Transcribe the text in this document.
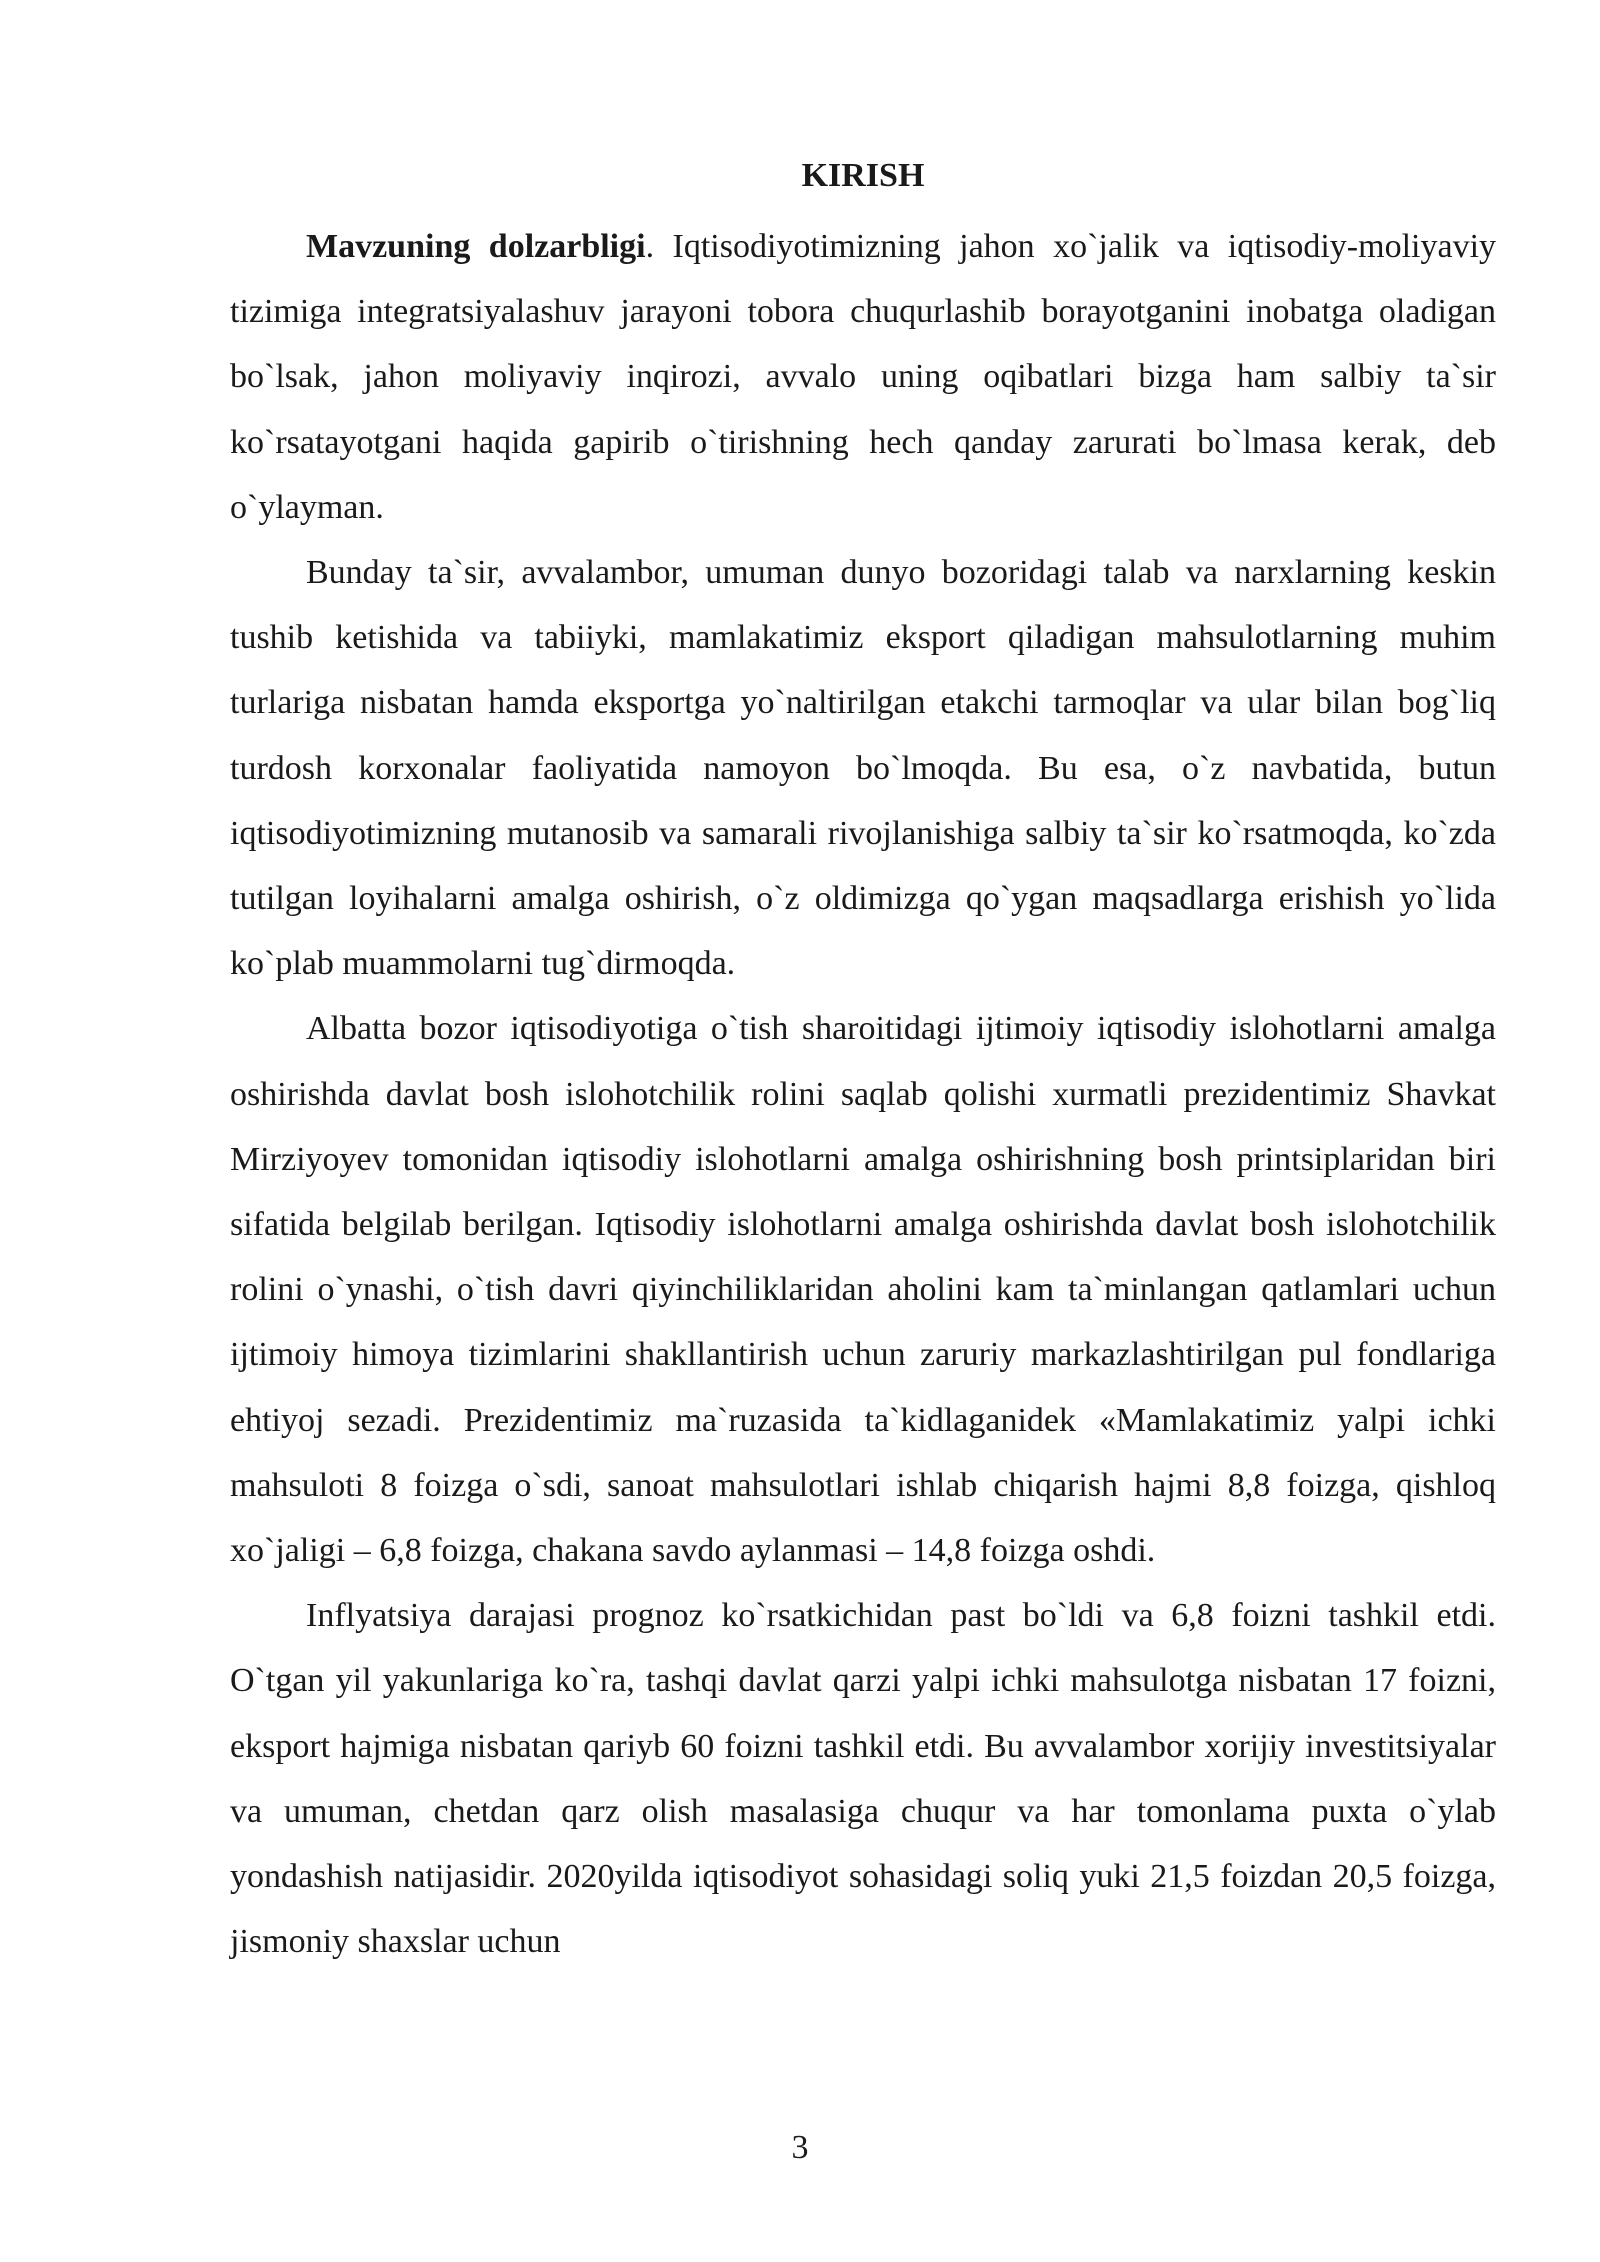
KIRISH

Mavzuning dolzarbligi. Iqtisodiyotimizning jahon xo`jalik va iqtisodiy-moliyaviy tizimiga integratsiyalashuv jarayoni tobora chuqurlashib borayotganini inobatga oladigan bo`lsak, jahon moliyaviy inqirozi, avvalo uning oqibatlari bizga ham salbiy ta`sir ko`rsatayotgani haqida gapirib o`tirishning hech qanday zarurati bo`lmasa kerak, deb o`ylayman.

Bunday ta`sir, avvalambor, umuman dunyo bozoridagi talab va narxlarning keskin tushib ketishida va tabiiyki, mamlakatimiz eksport qiladigan mahsulotlarning muhim turlariga nisbatan hamda eksportga yo`naltirilgan etakchi tarmoqlar va ular bilan bog`liq turdosh korxonalar faoliyatida namoyon bo`lmoqda. Bu esa, o`z navbatida, butun iqtisodiyotimizning mutanosib va samarali rivojlanishiga salbiy ta`sir ko`rsatmoqda, ko`zda tutilgan loyihalarni amalga oshirish, o`z oldimizga qo`ygan maqsadlarga erishish yo`lida ko`plab muammolarni tug`dirmoqda.

Albatta bozor iqtisodiyotiga o`tish sharoitidagi ijtimoiy iqtisodiy islohotlarni amalga oshirishda davlat bosh islohotchilik rolini saqlab qolishi xurmatli prezidentimiz Shavkat Mirziyoyev tomonidan iqtisodiy islohotlarni amalga oshirishning bosh printsiplaridan biri sifatida belgilab berilgan. Iqtisodiy islohotlarni amalga oshirishda davlat bosh islohotchilik rolini o`ynashi, o`tish davri qiyinchiliklaridan aholini kam ta`minlangan qatlamlari uchun ijtimoiy himoya tizimlarini shakllantirish uchun zaruriy markazlashtirilgan pul fondlariga ehtiyoj sezadi. Prezidentimiz ma`ruzasida ta`kidlaganidek «Mamlakatimiz yalpi ichki mahsuloti 8 foizga o`sdi, sanoat mahsulotlari ishlab chiqarish hajmi 8,8 foizga, qishloq xo`jaligi – 6,8 foizga, chakana savdo aylanmasi – 14,8 foizga oshdi.

Inflyatsiya darajasi prognoz ko`rsatkichidan past bo`ldi va 6,8 foizni tashkil etdi. O`tgan yil yakunlariga ko`ra, tashqi davlat qarzi yalpi ichki mahsulotga nisbatan 17 foizni, eksport hajmiga nisbatan qariyb 60 foizni tashkil etdi. Bu avvalambor xorijiy investitsiyalar va umuman, chetdan qarz olish masalasiga chuqur va har tomonlama puxta o`ylab yondashish natijasidir. 2020yilda iqtisodiyot sohasidagi soliq yuki 21,5 foizdan 20,5 foizga, jismoniy shaxslar uchun

3
